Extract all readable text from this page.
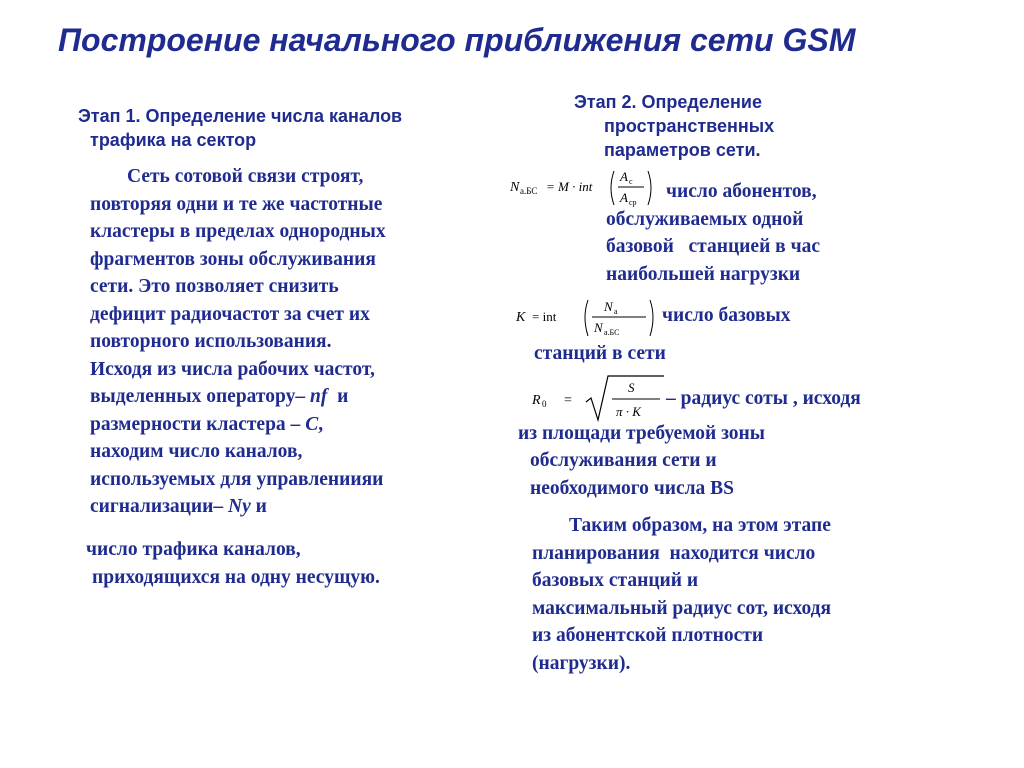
Построение начального приближения сети GSM
Этап 1. Определение числа каналов
трафика на сектор
Сеть сотовой связи строят,
повторяя одни и те же частотные
кластеры в пределах однородных
фрагментов зоны обслуживания
сети. Это позволяет снизить
дефицит радиочастот за счет их
повторного использования.
Исходя из числа рабочих частот,
выделенных оператору– nf  и
размерности кластера – C,
находим число каналов,
используемых для управлениияи
сигнализации– Ny и
число трафика каналов,
приходящихся на одну несущую.
Этап 2. Определение
пространственных
параметров сети.
N а.БС = M · int
A с
A ср
число абонентов,
обслуживаемых одной
базовой   станцией в час
наибольшей нагрузки
K = int
N а
N а.БС
число базовых
станций в сети
R 0 =
S
π · K
– радиус соты , исходя
из площади требуемой зоны
обслуживания сети и
необходимого числа BS
Таким образом, на этом этапе
планирования  находится число
базовых станций и
максимальный радиус сот, исходя
из абонентской плотности
(нагрузки).
